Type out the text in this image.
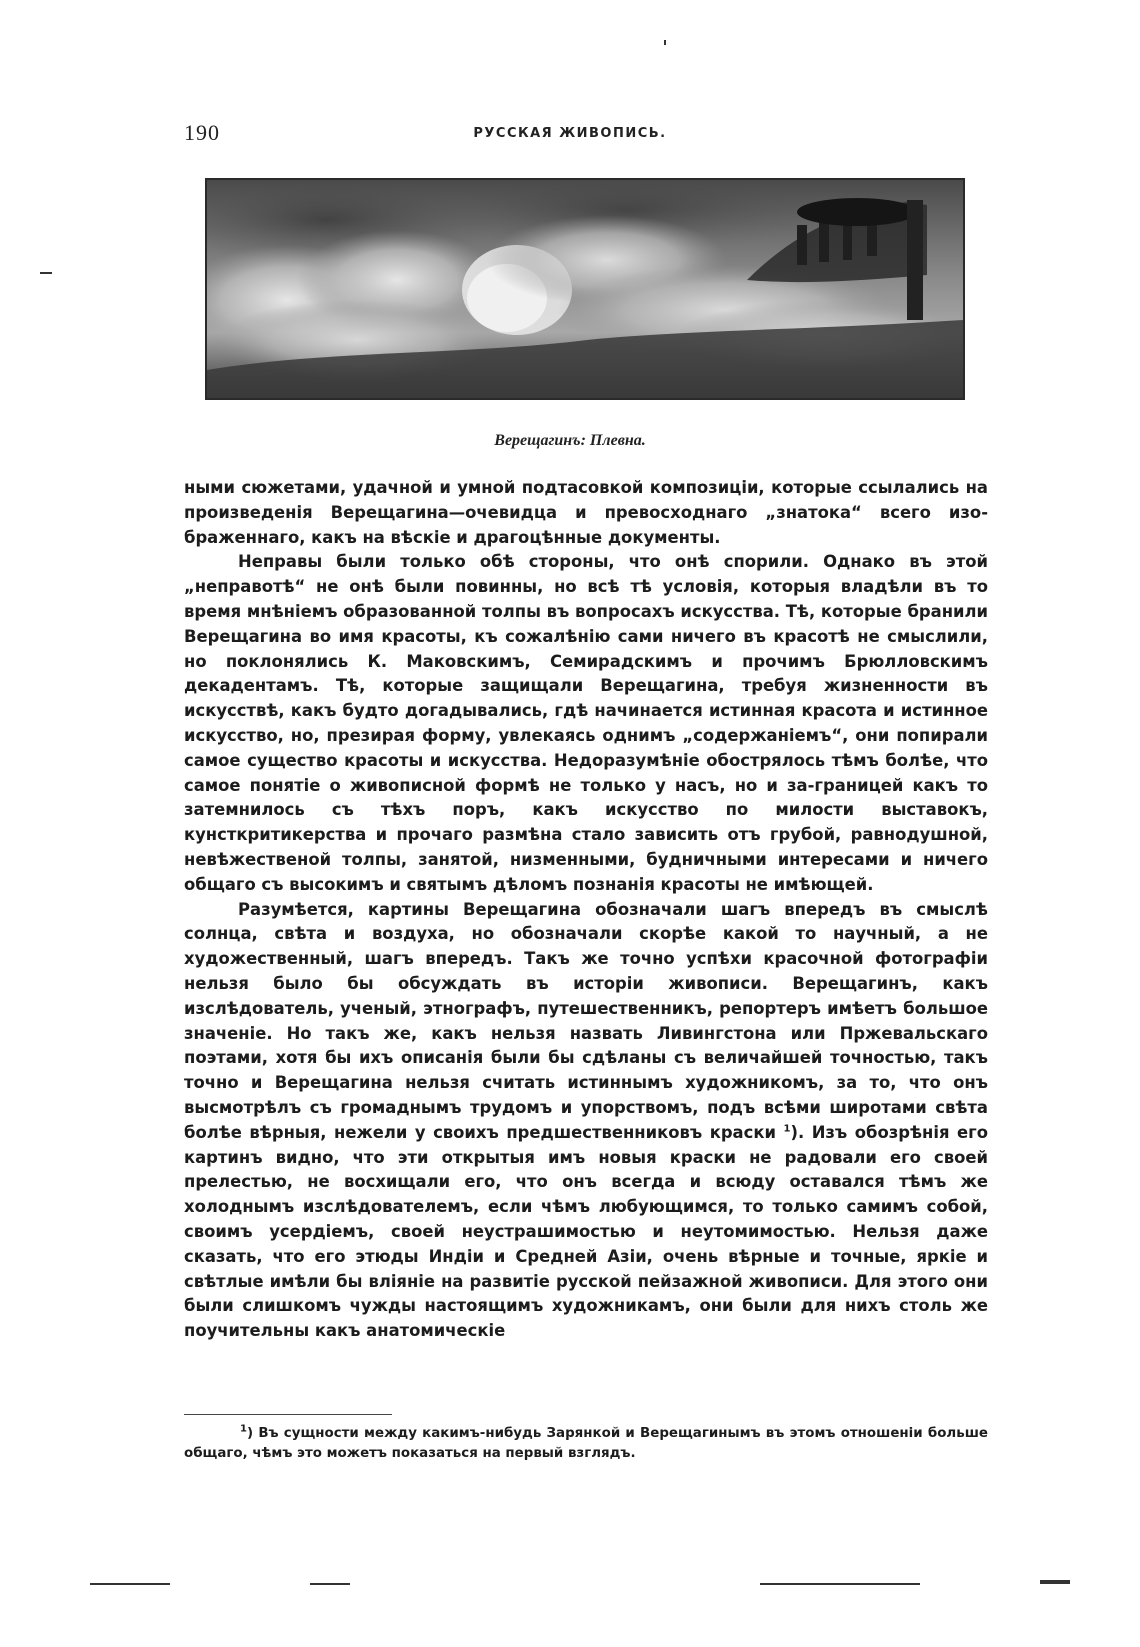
190	РУССКАЯ ЖИВОПИСЬ.
Верещагинъ: Плевна.

ными сюжетами, удачной и умной подтасовкой композиціи, которые ссылались на произведенія Верещагина—очевидца и превосходнаго „знатока“ всего изображеннаго, какъ на вѣскіе и драгоцѣнные документы.

Неправы были только обѣ стороны, что онѣ спорили. Однако въ этой „неправотѣ“ не онѣ были повинны, но всѣ тѣ условія, которыя владѣли въ то время мнѣніемъ образованной толпы въ вопросахъ искусства. Тѣ, которые бранили Верещагина во имя красоты, къ сожалѣнію сами ничего въ красотѣ не смыслили, но поклонялись К. Маковскимъ, Семирадскимъ и прочимъ Брюлловскимъ декадентамъ. Тѣ, которые защищали Верещагина, требуя жизненности въ искусствѣ, какъ будто догадывались, гдѣ начинается истинная красота и истинное искусство, но, презирая форму, увлекаясь однимъ „содержаніемъ“, они попирали самое существо красоты и искусства. Недоразумѣніе обострялось тѣмъ болѣе, что самое понятіе о живописной формѣ не только у насъ, но и за-границей какъ то затемнилось съ тѣхъ поръ, какъ искусство по милости выставокъ, кунсткритикерства и прочаго размѣна стало зависить отъ грубой, равнодушной, невѣжественой толпы, занятой, низменными, будничными интересами и ничего общаго съ высокимъ и святымъ дѣломъ познанія красоты не имѣющей.

Разумѣется, картины Верещагина обозначали шагъ впередъ въ смыслѣ солнца, свѣта и воздуха, но обозначали скорѣе какой то научный, а не художественный, шагъ впередъ. Такъ же точно успѣхи красочной фотографіи нельзя было бы обсуждать въ исторіи живописи. Верещагинъ, какъ изслѣдователь, ученый, этнографъ, путешественникъ, репортеръ имѣетъ большое значеніе. Но такъ же, какъ нельзя назвать Ливингстона или Пржевальскаго поэтами, хотя бы ихъ описанія были бы сдѣланы съ величайшей точностью, такъ точно и Верещагина нельзя считать истиннымъ художникомъ, за то, что онъ высмотрѣлъ съ громаднымъ трудомъ и упорствомъ, подъ всѣми широтами свѣта болѣе вѣрныя, нежели у своихъ предшественниковъ краски $^1$). Изъ обозрѣнія его картинъ видно, что эти открытыя имъ новыя краски не радовали его своей прелестью, не восхищали его, что онъ всегда и всюду оставался тѣмъ же холоднымъ изслѣдователемъ, если чѣмъ любующимся, то только самимъ собой, своимъ усердіемъ, своей неустрашимостью и неутомимостью. Нельзя даже сказать, что его этюды Индіи и Средней Азіи, очень вѣрные и точные, яркіе и свѣтлые имѣли бы вліяніе на развитіе русской пейзажной живописи. Для этого они были слишкомъ чужды настоящимъ художникамъ, они были для нихъ столь же поучительны какъ анатомическіе

$^1$) Въ сущности между какимъ-нибудь Зарянкой и Верещагинымъ въ этомъ отношеніи больше общаго, чѣмъ это можетъ показаться на первый взглядъ.
